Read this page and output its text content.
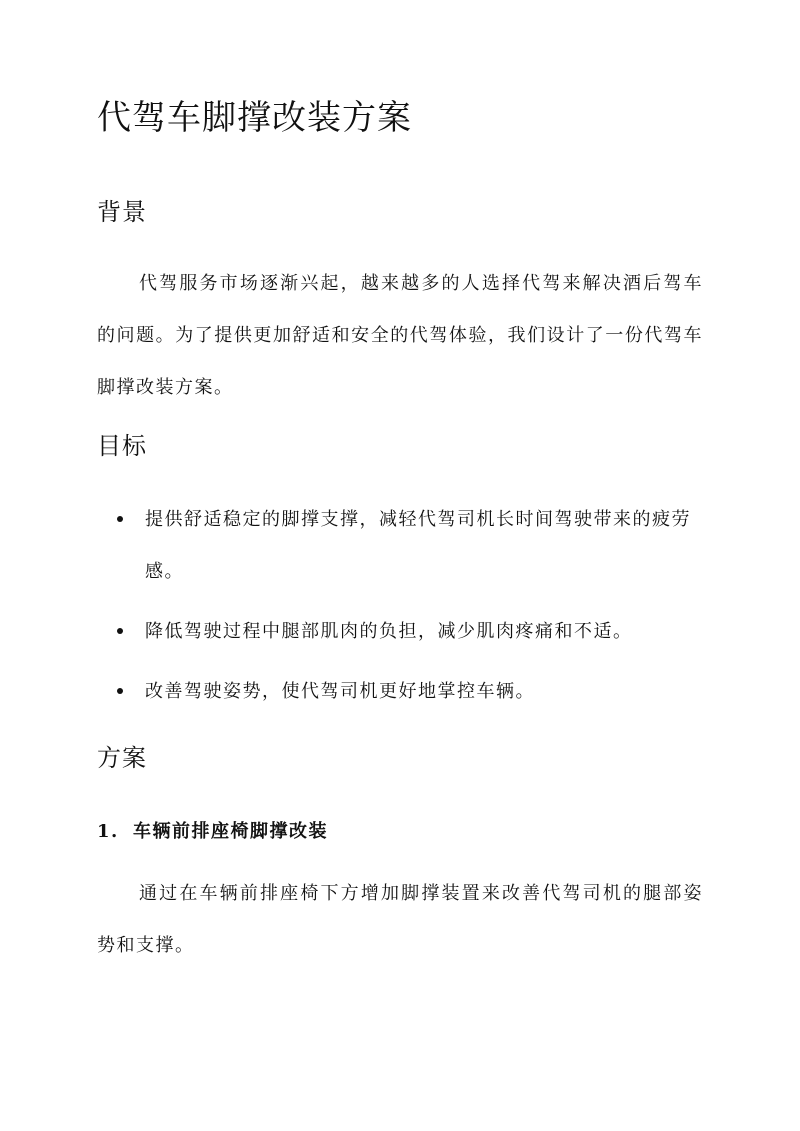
代驾车脚撑改装方案
背景

代驾服务市场逐渐兴起，越来越多的人选择代驾来解决酒后驾车的问题。为了提供更加舒适和安全的代驾体验，我们设计了一份代驾车脚撑改装方案。

目标

提供舒适稳定的脚撑支撑，减轻代驾司机长时间驾驶带来的疲劳感。

降低驾驶过程中腿部肌肉的负担，减少肌肉疼痛和不适。

改善驾驶姿势，使代驾司机更好地掌控车辆。

方案
1. 车辆前排座椅脚撑改装

通过在车辆前排座椅下方增加脚撑装置来改善代驾司机的腿部姿势和支撑。
